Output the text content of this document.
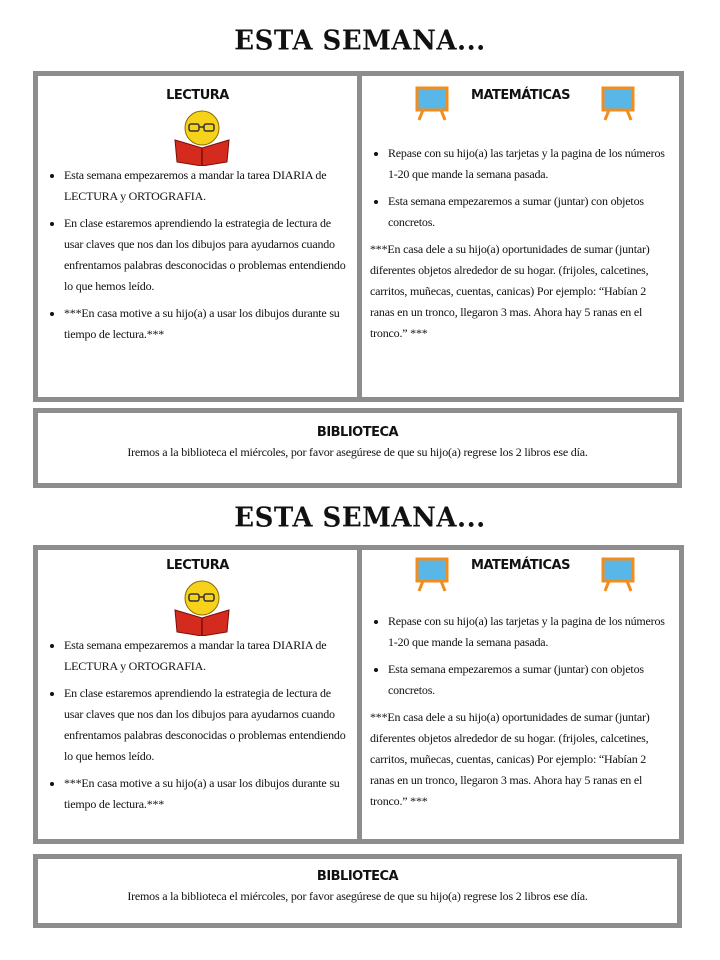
ESTA SEMANA...
LECTURA
• Esta semana empezaremos a mandar la tarea DIARIA de LECTURA y ORTOGRAFIA.
• En clase estaremos aprendiendo la estrategia de lectura de usar claves que nos dan los dibujos para ayudarnos cuando enfrentamos palabras desconocidas o problemas entendiendo lo que hemos leído.
• ***En casa motive a su hijo(a) a usar los dibujos durante su tiempo de lectura.***
MATEMÁTICAS
• Repase con su hijo(a) las tarjetas y la pagina de los números 1-20 que mande la semana pasada.
• Esta semana empezaremos a sumar (juntar) con objetos concretos.

***En casa dele a su hijo(a) oportunidades de sumar (juntar) diferentes objetos alrededor de su hogar. (frijoles, calcetines, carritos, muñecas, cuentas, canicas) Por ejemplo: “Habían 2 ranas en un tronco, llegaron 3 mas. Ahora hay 5 ranas en el tronco.” ***

BIBLIOTECA
Iremos a la biblioteca el miércoles, por favor asegúrese de que su hijo(a) regrese los 2 libros ese día.
ESTA SEMANA...
LECTURA
• Esta semana empezaremos a mandar la tarea DIARIA de LECTURA y ORTOGRAFIA.
• En clase estaremos aprendiendo la estrategia de lectura de usar claves que nos dan los dibujos para ayudarnos cuando enfrentamos palabras desconocidas o problemas entendiendo lo que hemos leído.
• ***En casa motive a su hijo(a) a usar los dibujos durante su tiempo de lectura.***
MATEMÁTICAS
• Repase con su hijo(a) las tarjetas y la pagina de los números 1-20 que mande la semana pasada.
• Esta semana empezaremos a sumar (juntar) con objetos concretos.

***En casa dele a su hijo(a) oportunidades de sumar (juntar) diferentes objetos alrededor de su hogar. (frijoles, calcetines, carritos, muñecas, cuentas, canicas) Por ejemplo: “Habían 2 ranas en un tronco, llegaron 3 mas. Ahora hay 5 ranas en el tronco.” ***

BIBLIOTECA
Iremos a la biblioteca el miércoles, por favor asegúrese de que su hijo(a) regrese los 2 libros ese día.
